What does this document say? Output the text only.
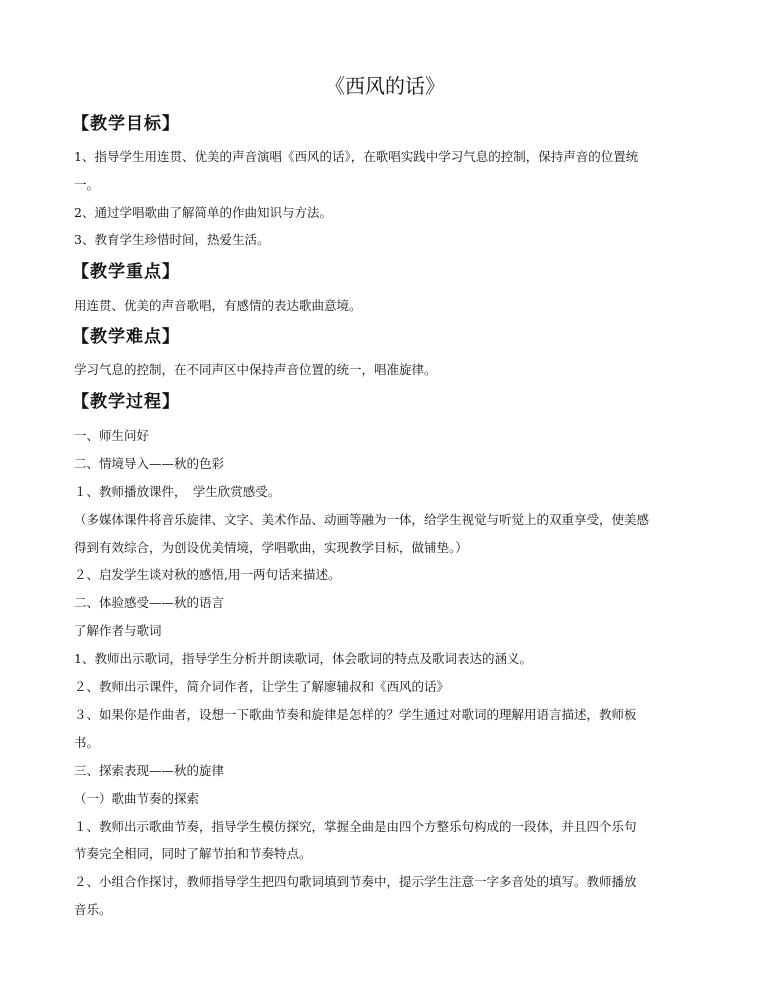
《西风的话》
【教学目标】
1、指导学生用连贯、优美的声音演唱《西风的话》，在歌唱实践中学习气息的控制，保持声音的位置统
一。
2、通过学唱歌曲了解简单的作曲知识与方法。
3、教育学生珍惜时间，热爱生活。
【教学重点】
用连贯、优美的声音歌唱，有感情的表达歌曲意境。
【教学难点】
学习气息的控制，在不同声区中保持声音位置的统一，唱准旋律。
【教学过程】
一、师生问好
二、情境导入——秋的色彩
１、教师播放课件，　学生欣赏感受。
（多媒体课件将音乐旋律、文字、美术作品、动画等融为一体，给学生视觉与听觉上的双重享受，使美感
得到有效综合，为创设优美情境，学唱歌曲，实现教学目标，做铺垫。）
２、启发学生谈对秋的感悟,用一两句话来描述。
二、体验感受——秋的语言
了解作者与歌词
1、教师出示歌词，指导学生分析并朗读歌词，体会歌词的特点及歌词表达的涵义。
２、教师出示课件，简介词作者，让学生了解廖辅叔和《西风的话》
３、如果你是作曲者，设想一下歌曲节奏和旋律是怎样的？学生通过对歌词的理解用语言描述，教师板
书。
三、探索表现——秋的旋律
（一）歌曲节奏的探索
１、教师出示歌曲节奏，指导学生模仿探究，掌握全曲是由四个方整乐句构成的一段体，并且四个乐句
节奏完全相同，同时了解节拍和节奏特点。
２、小组合作探讨，教师指导学生把四句歌词填到节奏中，提示学生注意一字多音处的填写。教师播放
音乐。
